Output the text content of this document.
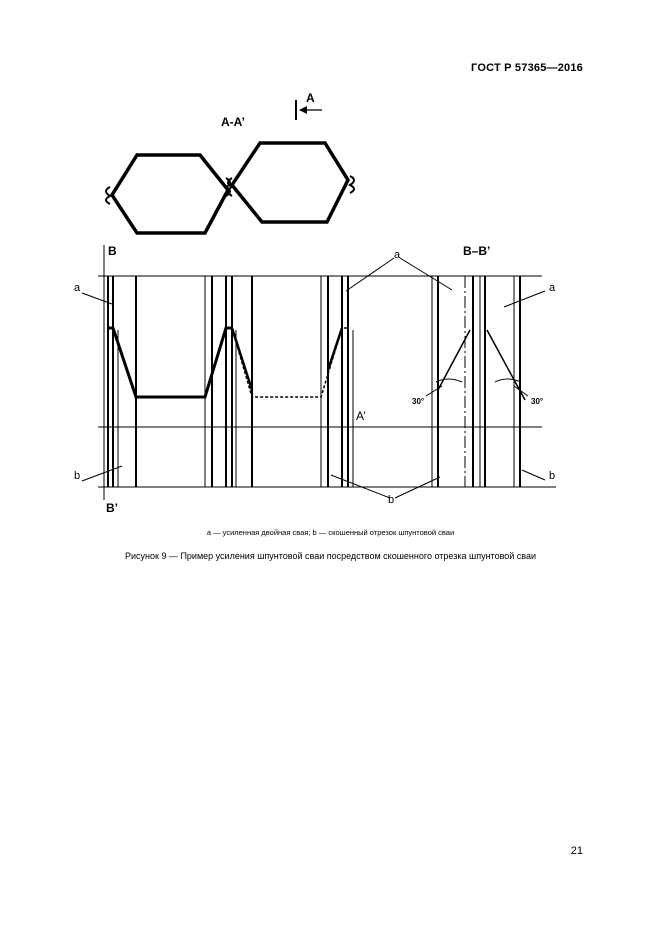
ГОСТ Р 57365—2016
A-A’
A
B
B’
B–B’
A’
a
a
a
b
b
b
30°	30°
a — усиленная двойная свая; b — скошенный отрезок шпунтовой сваи
Рисунок 9 — Пример усиления шпунтовой сваи посредством скошенного отрезка шпунтовой сваи
21
